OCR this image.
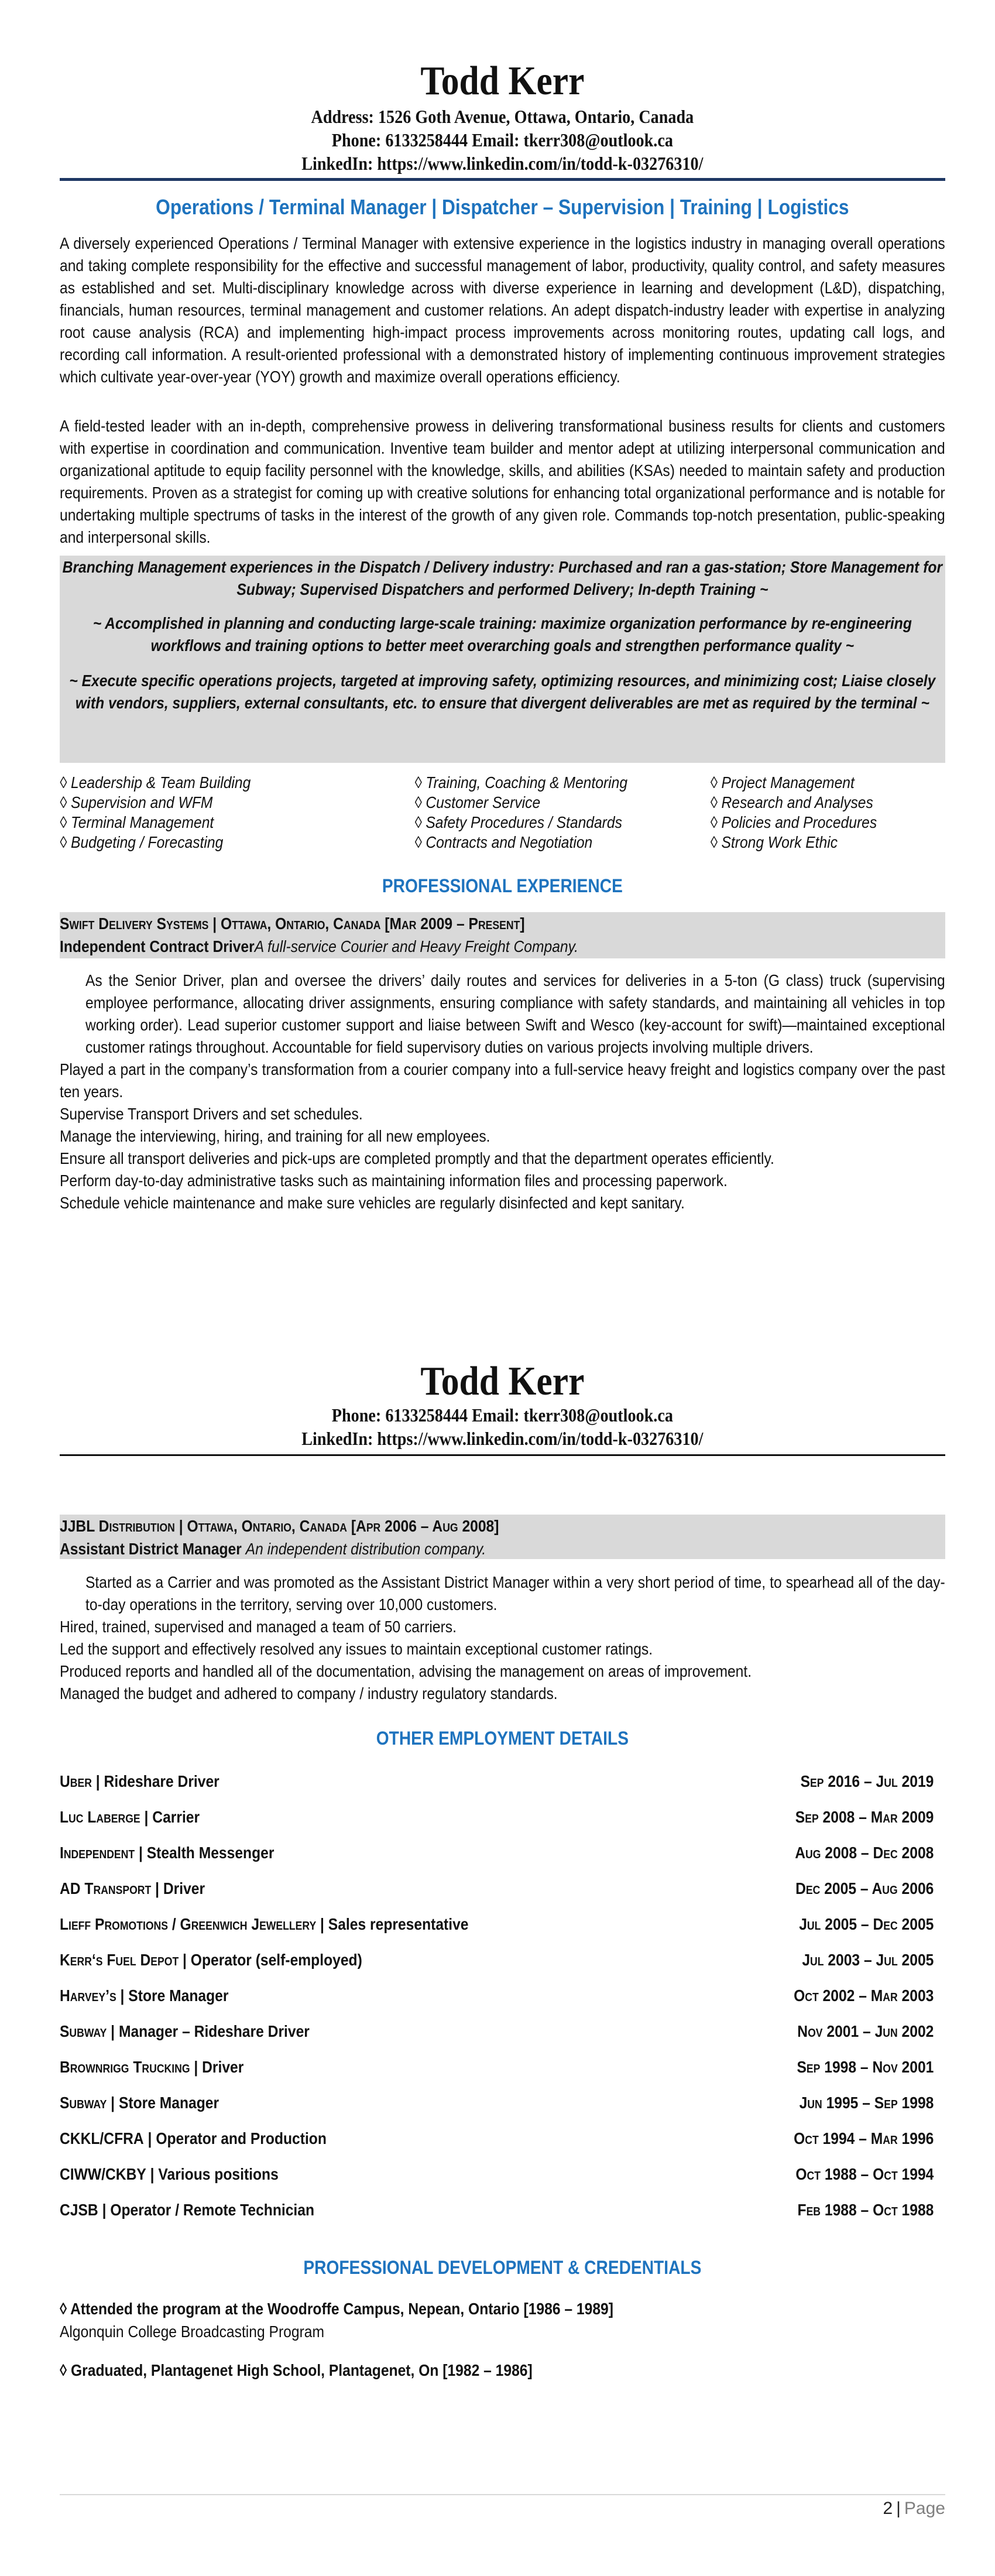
Todd Kerr
Address: 1526 Goth Avenue, Ottawa, Ontario, Canada
Phone: 6133258444 Email: tkerr308@outlook.ca
LinkedIn: https://www.linkedin.com/in/todd-k-03276310/
Operations / Terminal Manager | Dispatcher – Supervision | Training | Logistics

A diversely experienced Operations / Terminal Manager with extensive experience in the logistics industry in managing overall operations and taking complete responsibility for the effective and successful management of labor, productivity, quality control, and safety measures as established and set. Multi-disciplinary knowledge across with diverse experience in learning and development (L&D), dispatching, financials, human resources, terminal management and customer relations. An adept dispatch-industry leader with expertise in analyzing root cause analysis (RCA) and implementing high-impact process improvements across monitoring routes, updating call logs, and recording call information. A result-oriented professional with a demonstrated history of implementing continuous improvement strategies which cultivate year-over-year (YOY) growth and maximize overall operations efficiency.

A field-tested leader with an in-depth, comprehensive prowess in delivering transformational business results for clients and customers with expertise in coordination and communication. Inventive team builder and mentor adept at utilizing interpersonal communication and organizational aptitude to equip facility personnel with the knowledge, skills, and abilities (KSAs) needed to maintain safety and production requirements. Proven as a strategist for coming up with creative solutions for enhancing total organizational performance and is notable for undertaking multiple spectrums of tasks in the interest of the growth of any given role. Commands top-notch presentation, public-speaking and interpersonal skills.

Branching Management experiences in the Dispatch / Delivery industry: Purchased and ran a gas-station; Store Management for Subway; Supervised Dispatchers and performed Delivery; In-depth Training ~

~ Accomplished in planning and conducting large-scale training: maximize organization performance by re-engineering workflows and training options to better meet overarching goals and strengthen performance quality ~

~ Execute specific operations projects, targeted at improving safety, optimizing resources, and minimizing cost; Liaise closely with vendors, suppliers, external consultants, etc. to ensure that divergent deliverables are met as required by the terminal ~

◊ Leadership & Team Building	◊ Training, Coaching & Mentoring	◊ Project Management
◊ Supervision and WFM	◊ Customer Service	◊ Research and Analyses
◊ Terminal Management	◊ Safety Procedures / Standards	◊ Policies and Procedures
◊ Budgeting / Forecasting	◊ Contracts and Negotiation	◊ Strong Work Ethic
PROFESSIONAL EXPERIENCE
Swift Delivery Systems | Ottawa, Ontario, Canada [Mar 2009 – Present]
Independent Contract DriverA full-service Courier and Heavy Freight Company.

As the Senior Driver, plan and oversee the drivers’ daily routes and services for deliveries in a 5-ton (G class) truck (supervising employee performance, allocating driver assignments, ensuring compliance with safety standards, and maintaining all vehicles in top working order). Lead superior customer support and liaise between Swift and Wesco (key-account for swift)—maintained exceptional customer ratings throughout. Accountable for field supervisory duties on various projects involving multiple drivers.

Played a part in the company’s transformation from a courier company into a full-service heavy freight and logistics company over the past ten years.

Supervise Transport Drivers and set schedules.

Manage the interviewing, hiring, and training for all new employees.

Ensure all transport deliveries and pick-ups are completed promptly and that the department operates efficiently.

Perform day-to-day administrative tasks such as maintaining information files and processing paperwork.

Schedule vehicle maintenance and make sure vehicles are regularly disinfected and kept sanitary.

Todd Kerr
Phone: 6133258444 Email: tkerr308@outlook.ca
LinkedIn: https://www.linkedin.com/in/todd-k-03276310/
JJBL Distribution | Ottawa, Ontario, Canada [Apr 2006 – Aug 2008]
Assistant District Manager An independent distribution company.

Started as a Carrier and was promoted as the Assistant District Manager within a very short period of time, to spearhead all of the day-to-day operations in the territory, serving over 10,000 customers.

Hired, trained, supervised and managed a team of 50 carriers.

Led the support and effectively resolved any issues to maintain exceptional customer ratings.

Produced reports and handled all of the documentation, advising the management on areas of improvement.

Managed the budget and adhered to company / industry regulatory standards.

OTHER EMPLOYMENT DETAILS
Uber | Rideshare Driver	Sep 2016 – Jul 2019
Luc Laberge | Carrier	Sep 2008 – Mar 2009
Independent | Stealth Messenger	Aug 2008 – Dec 2008
AD Transport | Driver	Dec 2005 – Aug 2006
Lieff Promotions / Greenwich Jewellery | Sales representative	Jul 2005 – Dec 2005
Kerr‘s Fuel Depot | Operator (self-employed)	Jul 2003 – Jul 2005
Harvey’s | Store Manager	Oct 2002 – Mar 2003
Subway | Manager – Rideshare Driver	Nov 2001 – Jun 2002
Brownrigg Trucking | Driver	Sep 1998 – Nov 2001
Subway | Store Manager	Jun 1995 – Sep 1998
CKKL/CFRA | Operator and Production	Oct 1994 – Mar 1996
CIWW/CKBY | Various positions	Oct 1988 – Oct 1994
CJSB | Operator / Remote Technician	Feb 1988 – Oct 1988
PROFESSIONAL DEVELOPMENT & CREDENTIALS

◊ Attended the program at the Woodroffe Campus, Nepean, Ontario [1986 – 1989]

Algonquin College Broadcasting Program

◊ Graduated, Plantagenet High School, Plantagenet, On [1982 – 1986]

2 | Page
